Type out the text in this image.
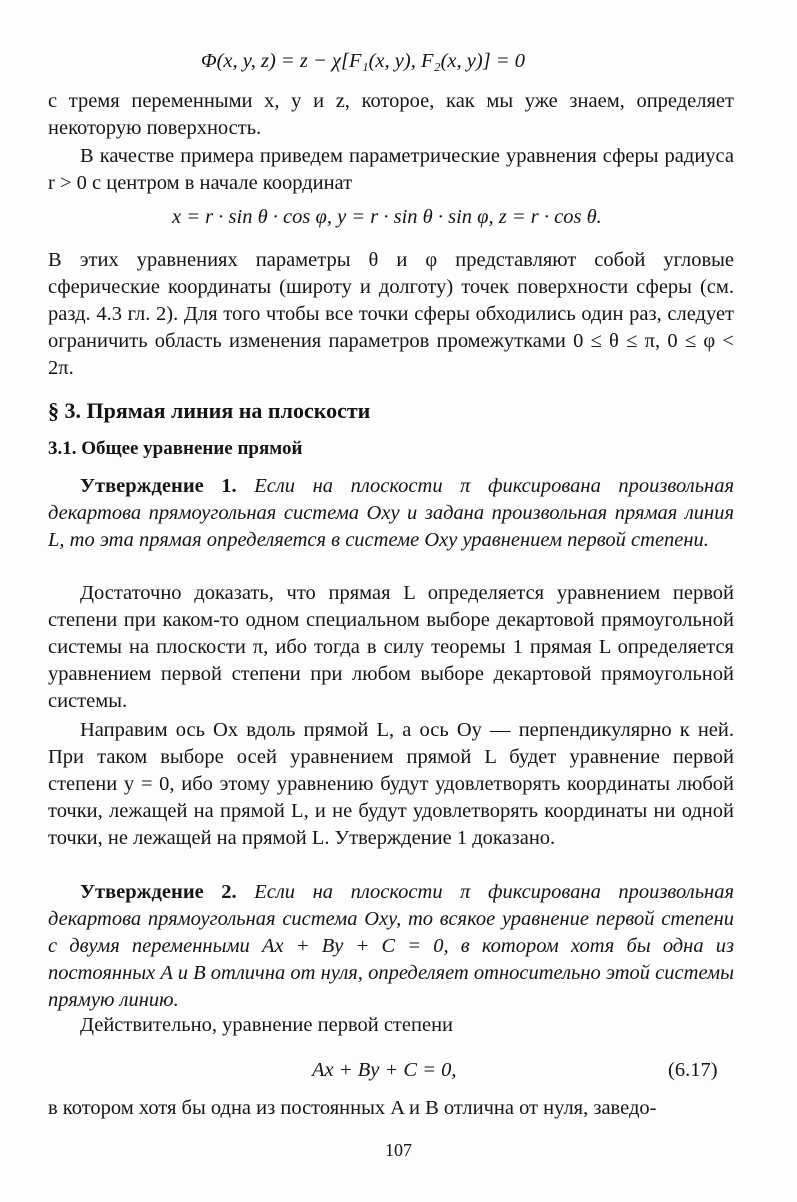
Φ(x, y, z) = z − χ[F₁(x, y), F₂(x, y)] = 0
с тремя переменными x, y и z, которое, как мы уже знаем, определяет некоторую поверхность.
В качестве примера приведем параметрические уравнения сферы радиуса r > 0 с центром в начале координат
x = r · sin θ · cos φ, y = r · sin θ · sin φ, z = r · cos θ.
В этих уравнениях параметры θ и φ представляют собой угловые сферические координаты (широту и долготу) точек поверхности сферы (см. разд. 4.3 гл. 2). Для того чтобы все точки сферы обходились один раз, следует ограничить область изменения параметров промежутками 0 ≤ θ ≤ π, 0 ≤ φ < 2π.
§ 3. Прямая линия на плоскости
3.1. Общее уравнение прямой
Утверждение 1. Если на плоскости π фиксирована произвольная декартова прямоугольная система Oxy и задана произвольная прямая линия L, то эта прямая определяется в системе Oxy уравнением первой степени.
Достаточно доказать, что прямая L определяется уравнением первой степени при каком-то одном специальном выборе декартовой прямоугольной системы на плоскости π, ибо тогда в силу теоремы 1 прямая L определяется уравнением первой степени при любом выборе декартовой прямоугольной системы.
Направим ось Ox вдоль прямой L, а ось Oy — перпендикулярно к ней. При таком выборе осей уравнением прямой L будет уравнение первой степени y = 0, ибо этому уравнению будут удовлетворять координаты любой точки, лежащей на прямой L, и не будут удовлетворять координаты ни одной точки, не лежащей на прямой L. Утверждение 1 доказано.
Утверждение 2. Если на плоскости π фиксирована произвольная декартова прямоугольная система Oxy, то всякое уравнение первой степени с двумя переменными Ax + By + C = 0, в котором хотя бы одна из постоянных A и B отлична от нуля, определяет относительно этой системы прямую линию.
Действительно, уравнение первой степени
Ax + By + C = 0,	(6.17)
в котором хотя бы одна из постоянных A и B отлична от нуля, заведо-
107
